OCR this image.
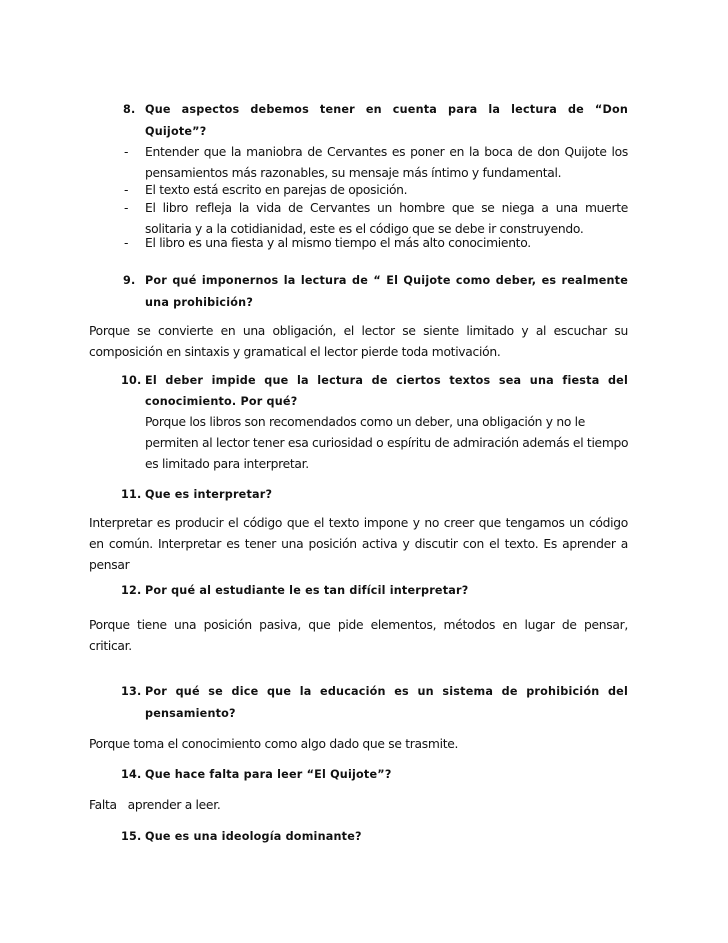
8. Que aspectos debemos tener en cuenta para la lectura de “Don
Quijote”?
- Entender que la maniobra de Cervantes es poner en la boca de don Quijote los
pensamientos más razonables, su mensaje más íntimo y fundamental.
- El texto está escrito en parejas de oposición.
- El libro refleja la vida de Cervantes un hombre que se niega a una muerte
solitaria y a la cotidianidad, este es el código que se debe ir construyendo.
- El libro es una fiesta y al mismo tiempo el más alto conocimiento.
9. Por qué imponernos la lectura de “ El Quijote como deber, es realmente
una prohibición?
Porque se convierte en una obligación, el lector se siente limitado y al escuchar su
composición en sintaxis y gramatical el lector pierde toda motivación.
10. El deber impide que la lectura de ciertos textos sea una fiesta del
conocimiento. Por qué?
Porque los libros son recomendados como un deber, una obligación y no le
permiten al lector tener esa curiosidad o espíritu de admiración además el tiempo
es limitado para interpretar.
11. Que es interpretar?
Interpretar es producir el código que el texto impone y no creer que tengamos un código
en común. Interpretar es tener una posición activa y discutir con el texto. Es aprender a
pensar
12. Por qué al estudiante le es tan difícil interpretar?
Porque tiene una posición pasiva, que pide elementos, métodos en lugar de pensar,
criticar.
13. Por qué se dice que la educación es un sistema de prohibición del
pensamiento?
Porque toma el conocimiento como algo dado que se trasmite.
14. Que hace falta para leer “El Quijote”?
Falta   aprender a leer.
15. Que es una ideología dominante?
